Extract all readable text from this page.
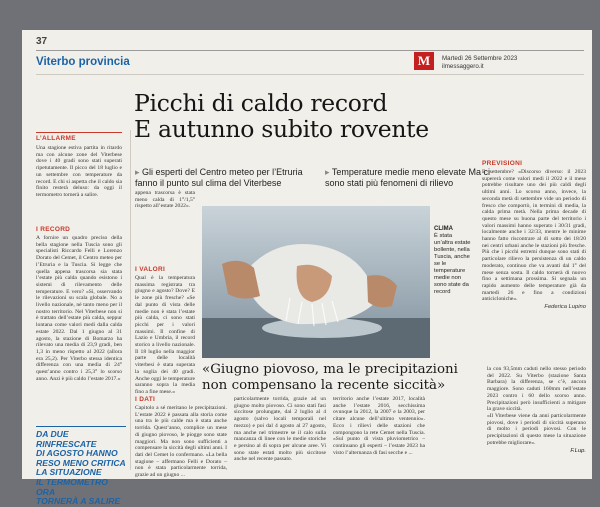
37
Viterbo provincia	M	Martedì 26 Settembre 2023
ilmessaggero.it
Picchi di caldo record
E autunno subito rovente
▸ Gli esperti del Centro meteo per l’Etruria fanno il punto sul clima del Viterbese
▸ Temperature medie meno elevate Ma ci sono stati più fenomeni di rilievo
L’ALLARME
Una stagione estiva partita in ritardo ma con alcune zone del Viterbese dove i 40 gradi sono stati superati ripetutamente. Il picco del 18 luglio e un settembre con temperature da record. E chi si aspetta che il caldo sia finito resterà deluso: da oggi il termometro tornerà a salire.
I RECORD
A fornire un quadro preciso della bella stagione nella Tuscia sono gli specialisti Riccardo Felli e Lorenzo Dorato del Cemet, il Centro meteo per l’Etruria e la Tuscia. Si legge che quella appena trascorsa sia stata l’estate più calda quando esistono i sistemi di rilevamento delle temperature. E vero? «Sì, osservando le rilevazioni su scala globale. No a livello nazionale, né tanto meno per il nostro territorio. Nel Viterbese non si è trattato dell’estate più calda, seppur lontana come valori medi dalla calda estate 2022. Dal 1 giugno al 31 agosto, la stazione di Bomarzo ha rilevato una media di 23,9 gradi, ben 1,3 in meno rispetto al 2022 (allora era 25,2). Per Viterbo stessa identica differenza con una media di 24° quest’anno contro i 25,3° lo scorso anno. Anzi è più caldo l’estate 2017.»
appena trascorsa è stata meno calda di 1°/1,5° rispetto all’estate 2022».
I VALORI
Qual è la temperatura massima registrata tra giugno e agosto? Dove? E le zone più fresche? «Se dal punto di vista delle medie non è stata l’estate più calda, ci sono stati picchi per i valori massimi. Il confine di Lazio e Umbria, il record storico a livello nazionale. Il 18 luglio nella maggior parte delle località viterbesi è stata superata la soglia dei 40 gradi. Anche oggi le temperature saranno sopra la media fino a fine mese.»
CLIMA
È stata un’altra estate bollente, nella Tuscia, anche se le temperature medie non sono state da record
PREVISIONI
E settembre? «Discorso diverso: il 2023 supererà come valori medi il 2022 e il mese potrebbe risultare uno dei più caldi degli ultimi anni. Lo scorso anno, invece, la seconda metà di settembre vide un periodo di fresco che comportò, in termini di media, la calda prima metà. Nella prima decade di questo mese su buona parte del territorio i valori massimi hanno superato i 30/31 gradi, localmente anche i 32/33, mentre le minime hanno fatto riscontrare al di sotto dei 18/20 nei centri urbani anche le stazioni più fresche. Più che i picchi estremi dunque sono stati di particolare rilievo la persistenza di un caldo moderato, continuo che va avanti dal 1° del mese senza sosta. Il caldo tornerà di nuovo fino a settimana prossima. Si segnala un rapido aumento delle temperature già da martedì 26 e fino a condizioni anticicloniche».
Federica Lupino
«Giugno piovoso, ma le precipitazioni
non compensano la recente siccità»
I DATI
Capitolo a sé meritano le precipitazioni. L’estate 2022 è passata alla storia come una tra le più calde ma è stata anche torrida. Quest’anno, complice un mese di giugno piovoso, le piogge sono state maggiori. Ma non sono sufficienti a compensare la siccità degli ultimi anni. I dati del Cemet lo confermano. «La bella stagione – affermano Felli e Dorato – non è stata particolarmente torrida, grazie ad un giugno ...
particolarmente torrida, grazie ad un giugno molto piovoso. Ci sono stati fasi siccitose prolungate, dal 2 luglio al 4 agosto (salvo locali temporali nel mezzo) e poi dal 4 agosto al 27 agosto, ma anche nel trimestre se il calo sulla mancanza di linee con le medie storiche e persino al di sopra per alcune aree. Vi sono state estati molto più siccitose anche nel recente passato.
territorio anche l’estate 2017, località anche l’estate 2016, secchissima ovunque la 2012, la 2007 e la 2003, per citare alcune dell’ultimo ventennio». Ecco i rilievi delle stazioni che compongono la rete Cemet nella Tuscia. «Sul punto di vista pluviometrico – continuano gli esperti – l’estate 2023 ha visto l’alternanza di fasi secche e ...
la con 93,5mm caduti nello stesso periodo del 2022. Su Viterbo (stazione Santa Barbara) la differenza, se c’è, ancora maggiore. Sono caduti 160mm nell’estate 2023 contro i 60 dello scorso anno. Precipitazioni però insufficienti a mitigare la grave siccità.
«Il Viterbese viene da anni particolarmente piovosi, dove i periodi di siccità superano di molto i periodi piovosi. Con le precipitazioni di questo mese la situazione potrebbe migliorare».
F.Lup.
DA DUE RINFRESCATE
DI AGOSTO HANNO
RESO MENO CRITICA
LA SITUAZIONE
IL TERMOMETRO ORA
TORNERÀ A SALIRE
